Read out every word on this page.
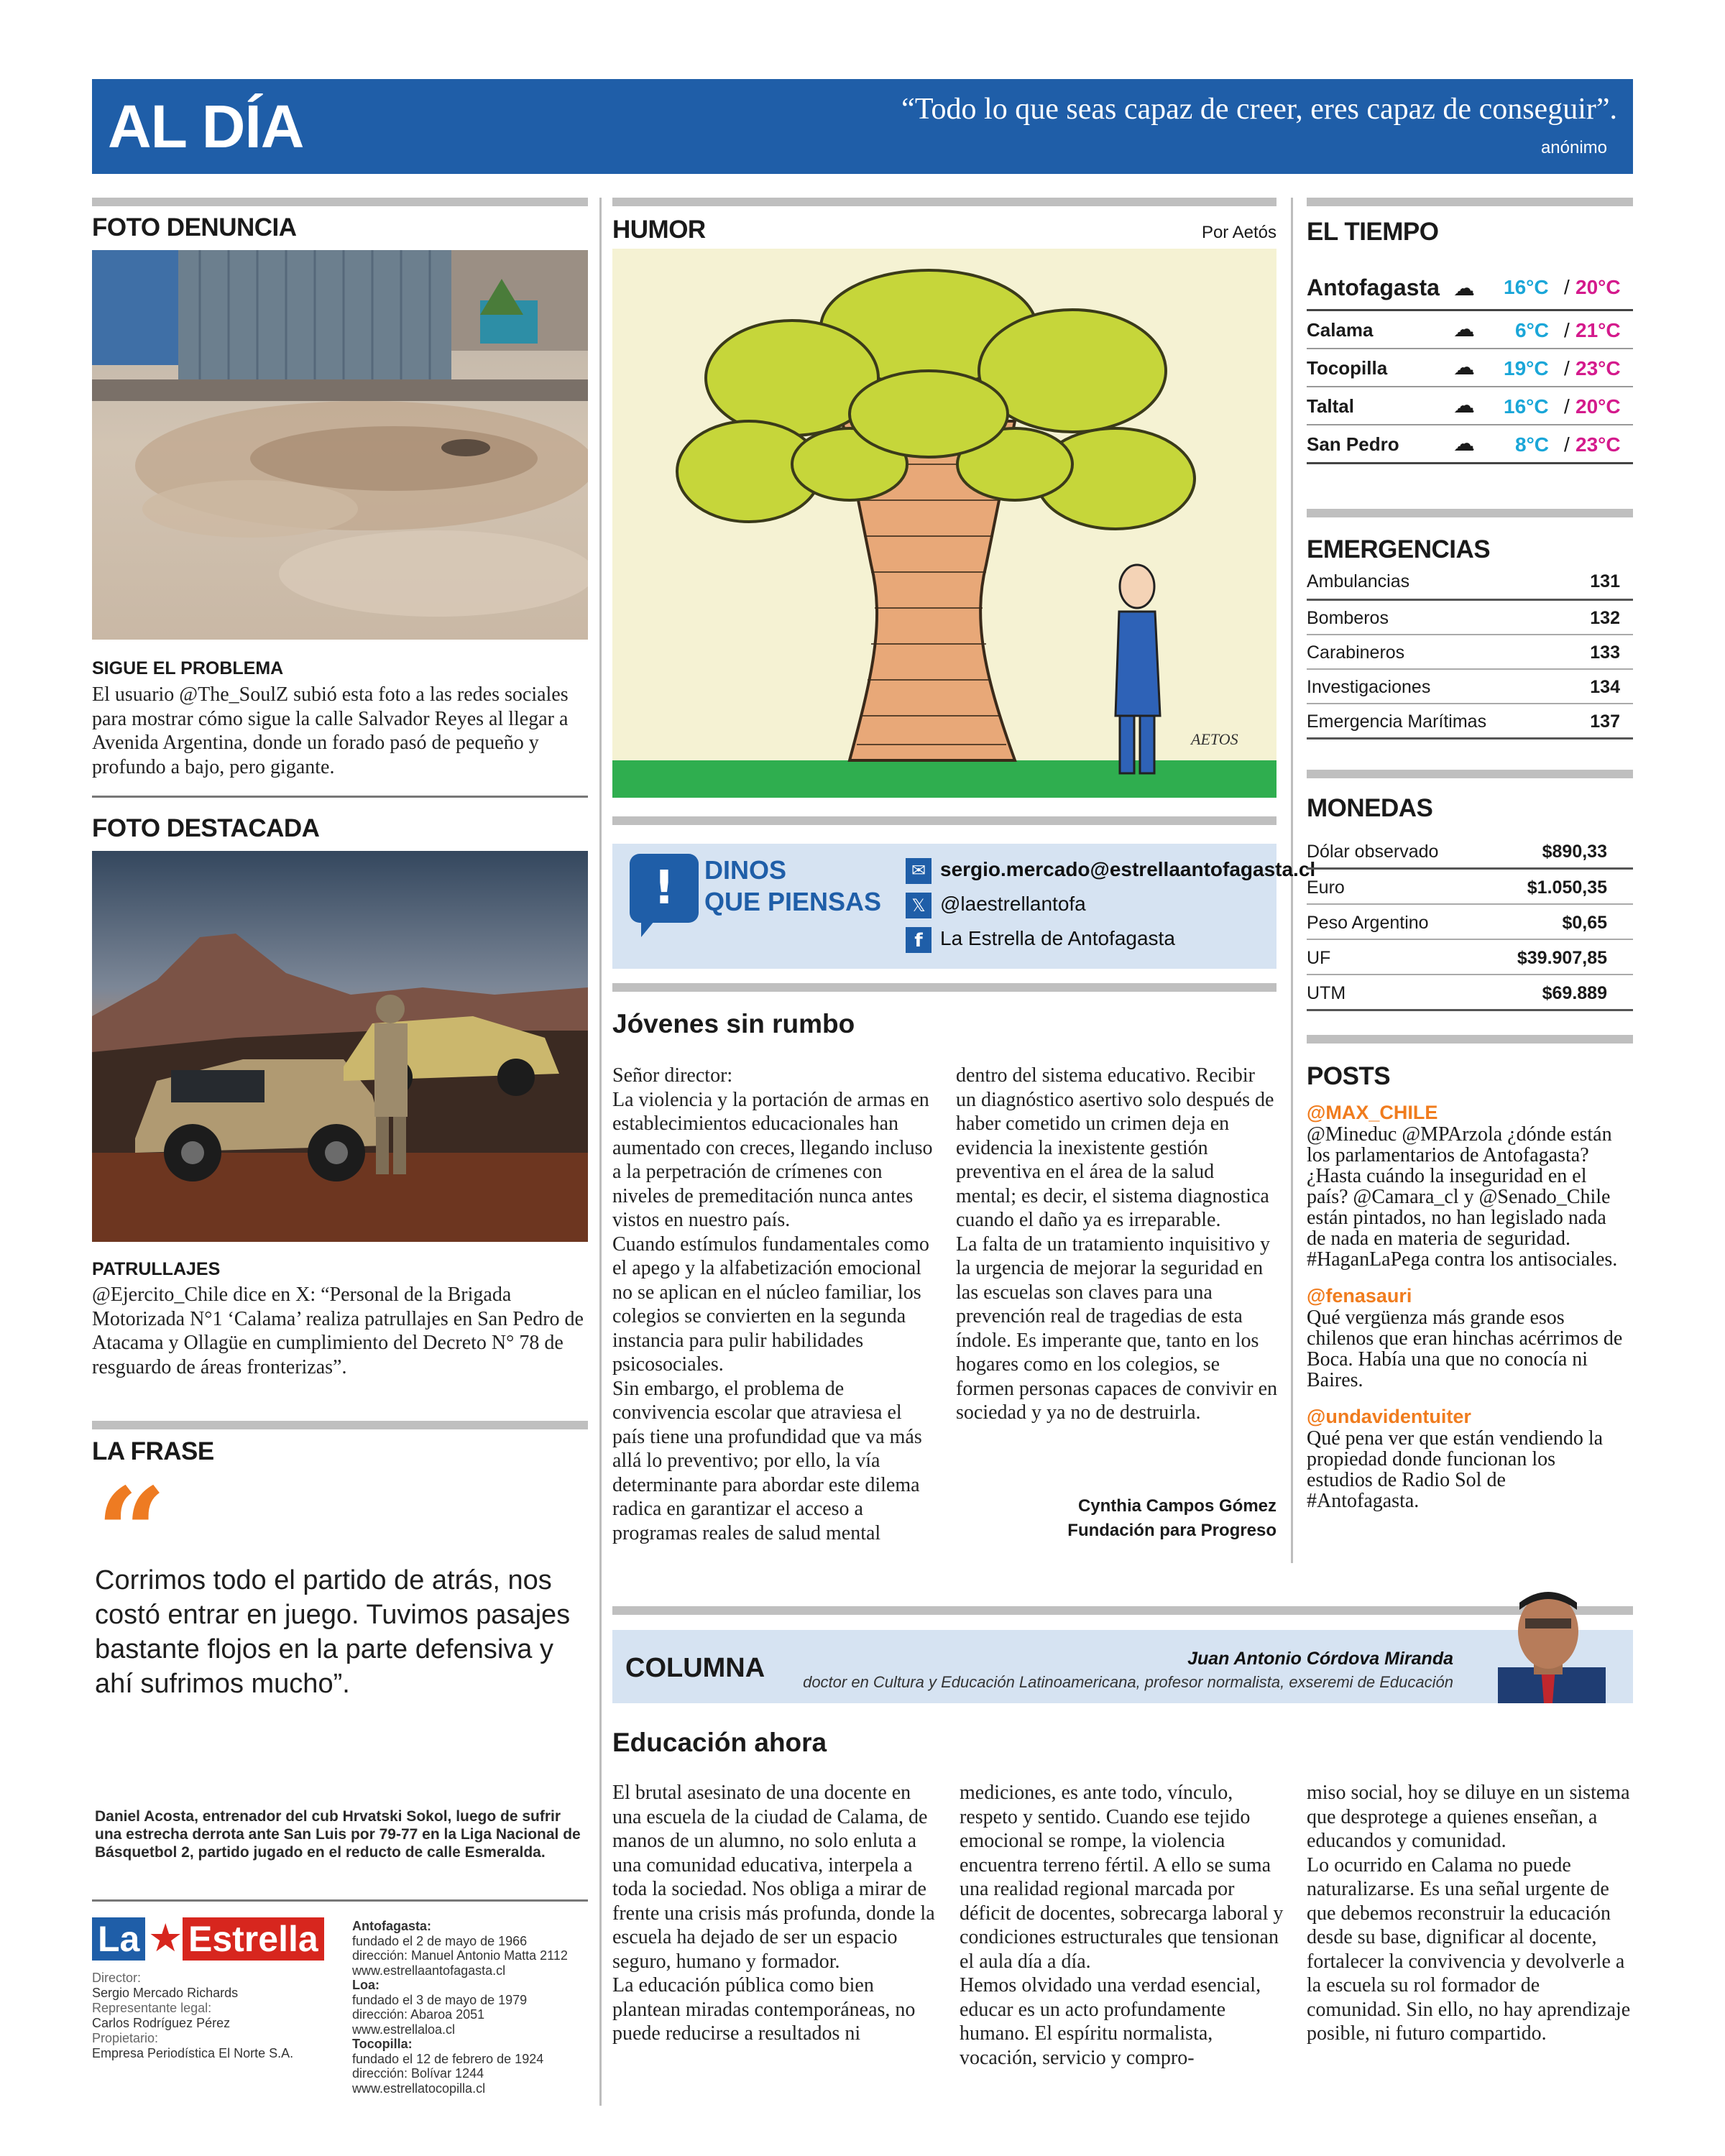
AL DÍA	“Todo lo que seas capaz de creer, eres capaz de conseguir”.
anónimo
FOTO DENUNCIA
SIGUE EL PROBLEMA

El usuario @The_SoulZ subió esta foto a las redes sociales para mostrar cómo sigue la calle Salvador Reyes al llegar a Avenida Argentina, donde un forado pasó de pequeño y profundo a bajo, pero gigante.

FOTO DESTACADA
PATRULLAJES

@Ejercito_Chile dice en X: “Personal de la Brigada Motorizada N°1 ‘Calama’ realiza patrullajes en San Pedro de Atacama y Ollagüe en cumplimiento del Decreto N° 78 de resguardo de áreas fronterizas”.

LA FRASE
“
Corrimos todo el partido de atrás, nos costó entrar en juego. Tuvimos pasajes bastante flojos en la parte defensiva y ahí sufrimos mucho”.
Daniel Acosta, entrenador del cub Hrvatski Sokol, luego de sufrir una estrecha derrota ante San Luis por 79-77 en la Liga Nacional de Básquetbol 2, partido jugado en el reducto de calle Esmeralda.
La ★ Estrella
Director:
Sergio Mercado Richards
Representante legal:
Carlos Rodríguez Pérez
Propietario:
Empresa Periodística El Norte S.A.
Antofagasta:
fundado el 2 de mayo de 1966
dirección: Manuel Antonio Matta 2112
www.estrellaantofagasta.cl
Loa:
fundado el 3 de mayo de 1979
dirección: Abaroa 2051
www.estrellaloa.cl
Tocopilla:
fundado el 12 de febrero de 1924
dirección: Bolívar 1244
www.estrellatocopilla.cl
HUMOR	Por Aetós
AETOS
!	DINOS
QUE PIENSAS
✉ sergio.mercado@estrellaantofagasta.cl
𝕏 @laestrellantofa
f La Estrella de Antofagasta
Jóvenes sin rumbo

Señor director:

La violencia y la portación de armas en establecimientos educacionales han aumentado con creces, llegando incluso a la perpetración de crímenes con niveles de premeditación nunca antes vistos en nuestro país.

Cuando estímulos fundamentales como el apego y la alfabetización emocional no se aplican en el núcleo familiar, los colegios se convierten en la segunda instancia para pulir habilidades psicosociales.

Sin embargo, el problema de convivencia escolar que atraviesa el país tiene una profundidad que va más allá lo preventivo; por ello, la vía determinante para abordar este dilema radica en garantizar el acceso a programas reales de salud mental

dentro del sistema educativo. Recibir un diagnóstico asertivo solo después de haber cometido un crimen deja en evidencia la inexistente gestión preventiva en el área de la salud mental; es decir, el sistema diagnostica cuando el daño ya es irreparable.

La falta de un tratamiento inquisitivo y la urgencia de mejorar la seguridad en las escuelas son claves para una prevención real de tragedias de esta índole. Es imperante que, tanto en los hogares como en los colegios, se formen personas capaces de convivir en sociedad y ya no de destruirla.

Cynthia Campos Gómez
Fundación para Progreso
EL TIEMPO
Antofagasta ☁ 16°C / 20°C
Calama	☁ 6°C / 21°C
Tocopilla	☁ 19°C / 23°C
Taltal	☁ 16°C / 20°C
San Pedro	☁ 8°C / 23°C
EMERGENCIAS
Ambulancias	131
Bomberos	132
Carabineros	133
Investigaciones	134
Emergencia Marítimas	137
MONEDAS
Dólar observado	$890,33
Euro	$1.050,35
Peso Argentino	$0,65
UF	$39.907,85
UTM	$69.889
POSTS
@MAX_CHILE
@Mineduc @MPArzola ¿dónde están los parlamentarios de Antofagasta? ¿Hasta cuándo la inseguridad en el país? @Camara_cl y @Senado_Chile están pintados, no han legislado nada de nada en materia de seguridad. #HaganLaPega contra los antisociales.
@fenasauri
Qué vergüenza más grande esos chilenos que eran hinchas acérrimos de Boca. Había una que no conocía ni Baires.
@undavidentuiter
Qué pena ver que están vendiendo la propiedad donde funcionan los estudios de Radio Sol de #Antofagasta.
COLUMNA	Juan Antonio Córdova Miranda
doctor en Cultura y Educación Latinoamericana, profesor normalista, exseremi de Educación
Educación ahora

El brutal asesinato de una docente en una escuela de la ciudad de Calama, de manos de un alumno, no solo enluta a una comunidad educativa, interpela a toda la sociedad. Nos obliga a mirar de frente una crisis más profunda, donde la escuela ha dejado de ser un espacio seguro, humano y formador.

La educación pública como bien plantean miradas contemporáneas, no puede reducirse a resultados ni

mediciones, es ante todo, vínculo, respeto y sentido. Cuando ese tejido emocional se rompe, la violencia encuentra terreno fértil. A ello se suma una realidad regional marcada por déficit de docentes, sobrecarga laboral y condiciones estructurales que tensionan el aula día a día.

Hemos olvidado una verdad esencial, educar es un acto profundamente humano. El espíritu normalista, vocación, servicio y compro-

miso social, hoy se diluye en un sistema que desprotege a quienes enseñan, a educandos y comunidad.

Lo ocurrido en Calama no puede naturalizarse. Es una señal urgente de que debemos reconstruir la educación desde su base, dignificar al docente, fortalecer la convivencia y devolverle a la escuela su rol formador de comunidad. Sin ello, no hay aprendizaje posible, ni futuro compartido.
